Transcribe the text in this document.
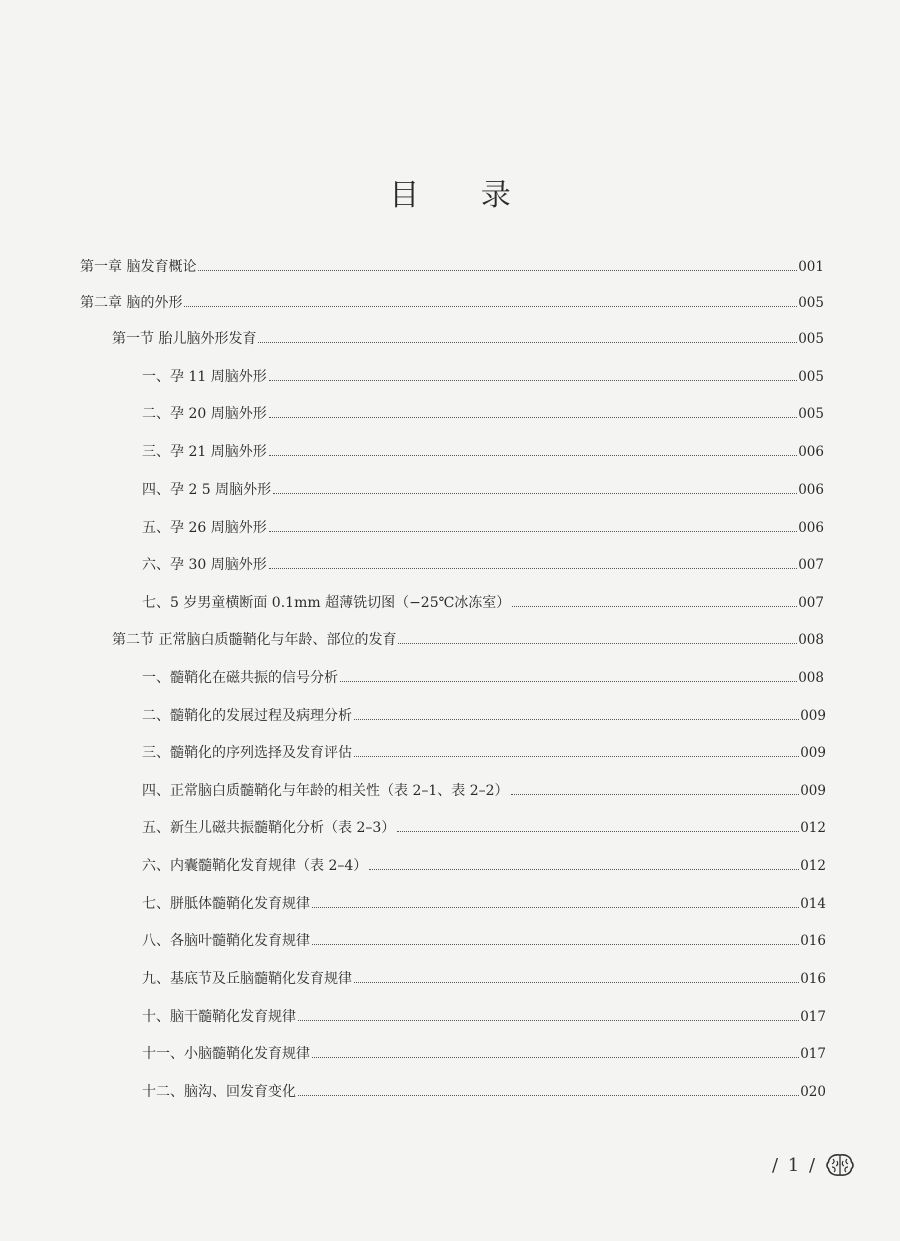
目 录
第一章 脑发育概论	001
第二章 脑的外形	005
第一节 胎儿脑外形发育	005
一、孕 11 周脑外形	005
二、孕 20 周脑外形	005
三、孕 21 周脑外形	006
四、孕 2 5 周脑外形	006
五、孕 26 周脑外形	006
六、孕 30 周脑外形	007
七、5 岁男童横断面 0.1mm 超薄铣切图（−25℃冰冻室）	007
第二节 正常脑白质髓鞘化与年龄、部位的发育	008
一、髓鞘化在磁共振的信号分析	008
二、髓鞘化的发展过程及病理分析	009
三、髓鞘化的序列选择及发育评估	009
四、正常脑白质髓鞘化与年龄的相关性（表 2–1、表 2–2）	009
五、新生儿磁共振髓鞘化分析（表 2–3）	012
六、内囊髓鞘化发育规律（表 2–4）	012
七、胼胝体髓鞘化发育规律	014
八、各脑叶髓鞘化发育规律	016
九、基底节及丘脑髓鞘化发育规律	016
十、脑干髓鞘化发育规律	017
十一、小脑髓鞘化发育规律	017
十二、脑沟、回发育变化	020
/ 1 /
